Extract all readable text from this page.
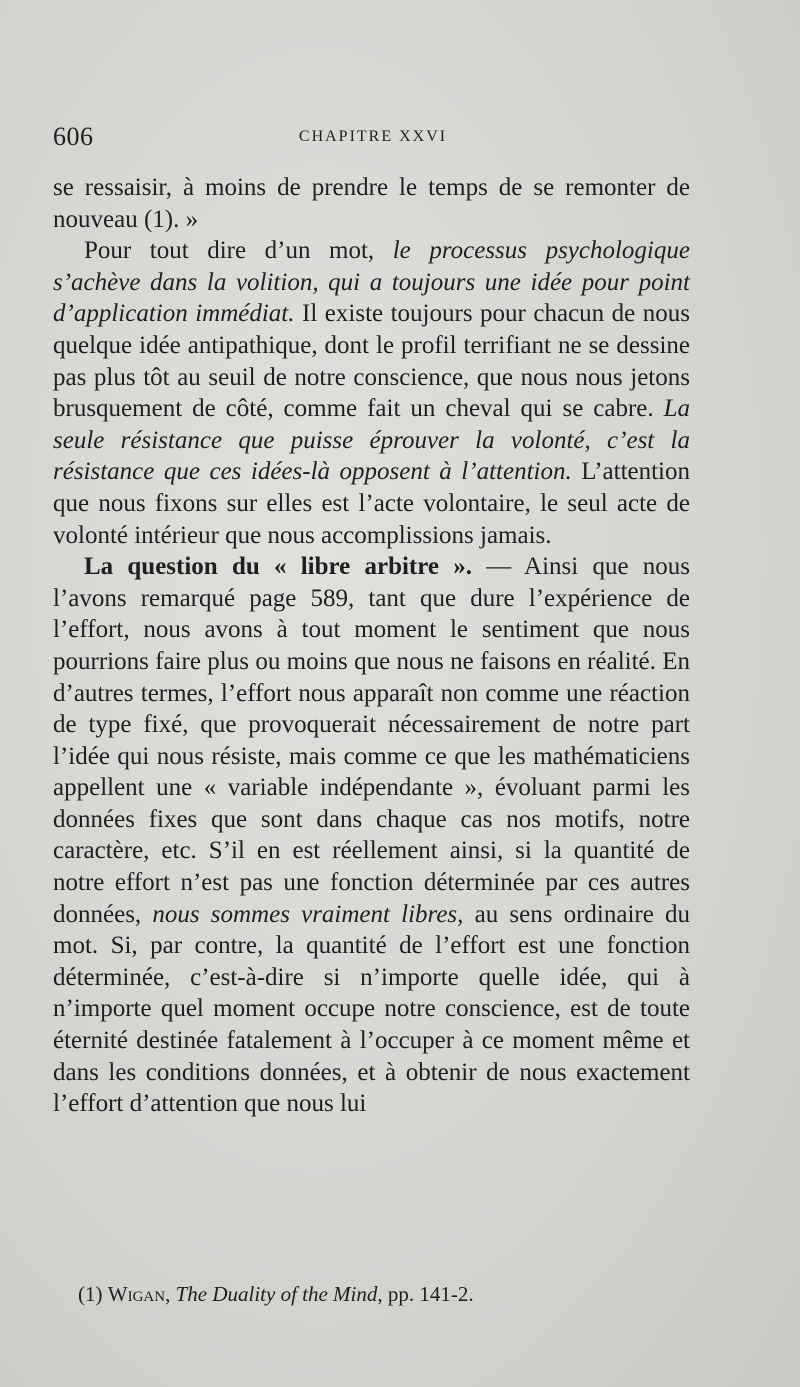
606	CHAPITRE XXVI

se ressaisir, à moins de prendre le temps de se remonter de nouveau (1). »

Pour tout dire d’un mot, le processus psychologique s’achève dans la volition, qui a toujours une idée pour point d’application immédiat. Il existe toujours pour chacun de nous quelque idée antipathique, dont le profil terrifiant ne se dessine pas plus tôt au seuil de notre conscience, que nous nous jetons brusquement de côté, comme fait un cheval qui se cabre. La seule résistance que puisse éprouver la volonté, c’est la résistance que ces idées-là opposent à l’attention. L’attention que nous fixons sur elles est l’acte volontaire, le seul acte de volonté intérieur que nous accomplissions jamais.

La question du « libre arbitre ». — Ainsi que nous l’avons remarqué page 589, tant que dure l’expérience de l’effort, nous avons à tout moment le sentiment que nous pourrions faire plus ou moins que nous ne faisons en réalité. En d’autres termes, l’effort nous apparaît non comme une réaction de type fixé, que provoquerait nécessairement de notre part l’idée qui nous résiste, mais comme ce que les mathématiciens appellent une « variable indépendante », évoluant parmi les données fixes que sont dans chaque cas nos motifs, notre caractère, etc. S’il en est réellement ainsi, si la quantité de notre effort n’est pas une fonction déterminée par ces autres données, nous sommes vraiment libres, au sens ordinaire du mot. Si, par contre, la quantité de l’effort est une fonction déterminée, c’est-à-dire si n’importe quelle idée, qui à n’importe quel moment occupe notre conscience, est de toute éternité destinée fatalement à l’occuper à ce moment même et dans les conditions données, et à obtenir de nous exactement l’effort d’attention que nous lui

(1) Wigan, The Duality of the Mind, pp. 141-2.
